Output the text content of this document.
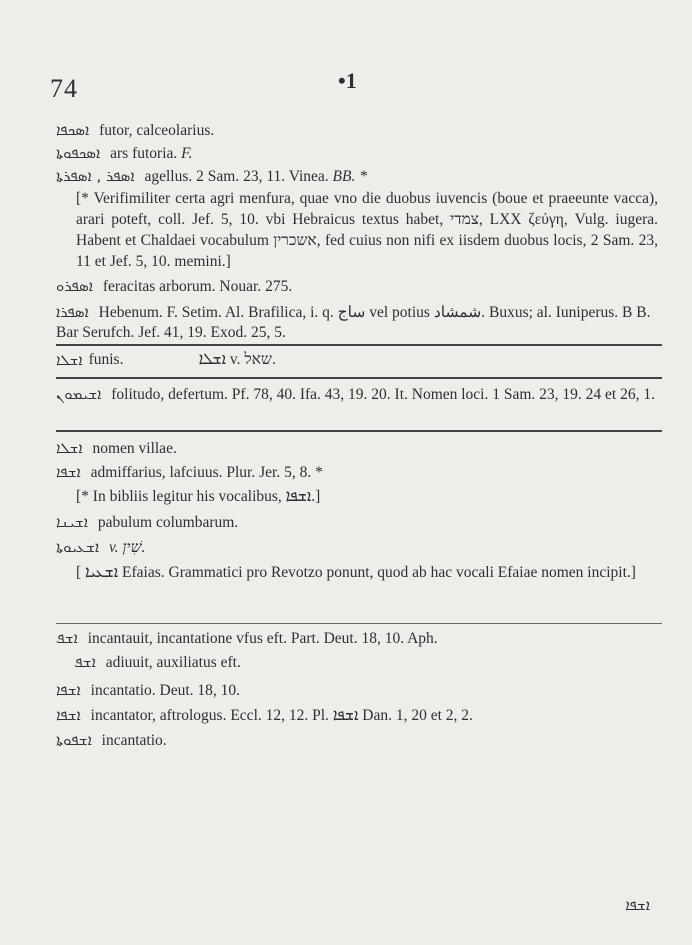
74	•1
ܐܣܟܦܐ futor, calceolarius.
ܐܣܟܦܘܬܐ ars futoria. F.
ܐܣܦܪ , ܐܣܦܪܬܐ agellus. 2 Sam. 23, 11. Vinea. BB. *
[* Verifimiliter certa agri menfura, quae vno die duobus iuvencis (boue et praeeunte vacca), arari poteft, coll. Jef. 5, 10. vbi Hebraicus textus habet, צמדי, LXX ζεύγη, Vulg. iugera. Habent et Chaldaei vocabulum אשכרין, fed cuius non nifi ex iisdem duobus locis, 2 Sam. 23, 11 et Jef. 5, 10. memini.]
ܐܣܦܪܘ feracitas arborum. Nouar. 275.
ܐܣܦܪܐ Hebenum. F. Setim. Al. Brafilica, i. q. ساج vel potius شمشاد. Buxus; al. Iuniperus. B B. Bar Serufch. Jef. 41, 19. Exod. 25, 5.
ܐܫܠܐ funis.	ܐܫܠܐ v. שאל.
ܐܫܝܡܘܢ folitudo, defertum. Pf. 78, 40. Ifa. 43, 19. 20. It. Nomen loci. 1 Sam. 23, 19. 24 et 26, 1.
ܐܫܠܐ nomen villae.
ܐܫܦܐ admiffarius, lafciuus. Plur. Jer. 5, 8. *
[* In bibliis legitur his vocalibus, ܐܫܦܐ.]
ܐܫܝܢܐ pabulum columbarum.
ܐܫܥܝܘܬܐ v. שִׁין.
[ ܐܫܥܝܐ Efaias. Grammatici pro Revotzo ponunt, quod ab hac vocali Efaiae nomen incipit.]
ܐܫܦ incantauit, incantatione vfus eft. Part. Deut. 18, 10. Aph.
ܐܫܦ adiuuit, auxiliatus eft.
ܐܫܦܐ incantatio. Deut. 18, 10.
ܐܫܦܐ incantator, aftrologus. Eccl. 12, 12. Pl. ܐܫܦܐ Dan. 1, 20 et 2, 2.
ܐܫܦܘܬܐ incantatio.
ܐܫܦܐ
